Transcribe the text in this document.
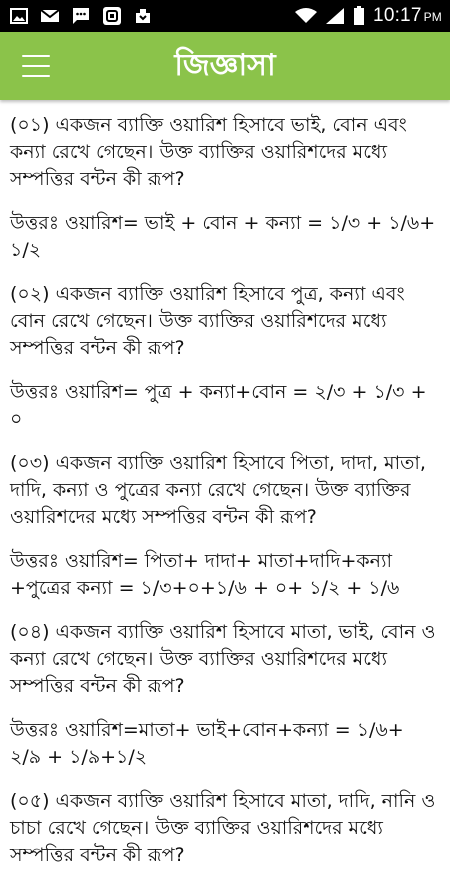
10:17 PM
জিজ্ঞাসা

(০১) একজন ব্যাক্তি ওয়ারিশ হিসাবে ভাই, বোন এবং কন্যা রেখে গেছেন। উক্ত ব্যাক্তির ওয়ারিশদের মধ্যে সম্পত্তির বন্টন কী রূপ?

উত্তরঃ ওয়ারিশ= ভাই + বোন + কন্যা = ১/৩ + ১/৬+ ১/২

(০২) একজন ব্যাক্তি ওয়ারিশ হিসাবে পুত্র, কন্যা এবং বোন রেখে গেছেন। উক্ত ব্যাক্তির ওয়ারিশদের মধ্যে সম্পত্তির বন্টন কী রূপ?

উত্তরঃ ওয়ারিশ= পুত্র + কন্যা+বোন = ২/৩ + ১/৩ + ০

(০৩) একজন ব্যাক্তি ওয়ারিশ হিসাবে পিতা, দাদা, মাতা, দাদি, কন্যা ও পুত্রের কন্যা রেখে গেছেন। উক্ত ব্যাক্তির ওয়ারিশদের মধ্যে সম্পত্তির বন্টন কী রূপ?

উত্তরঃ ওয়ারিশ= পিতা+ দাদা+ মাতা+দাদি+কন্যা +পুত্রের কন্যা = ১/৩+০+১/৬ + ০+ ১/২ + ১/৬

(০৪) একজন ব্যাক্তি ওয়ারিশ হিসাবে মাতা, ভাই, বোন ও কন্যা রেখে গেছেন। উক্ত ব্যাক্তির ওয়ারিশদের মধ্যে সম্পত্তির বন্টন কী রূপ?

উত্তরঃ ওয়ারিশ=মাতা+ ভাই+বোন+কন্যা = ১/৬+ ২/৯ + ১/৯+১/২

(০৫) একজন ব্যাক্তি ওয়ারিশ হিসাবে মাতা, দাদি, নানি ও চাচা রেখে গেছেন। উক্ত ব্যাক্তির ওয়ারিশদের মধ্যে সম্পত্তির বন্টন কী রূপ?
